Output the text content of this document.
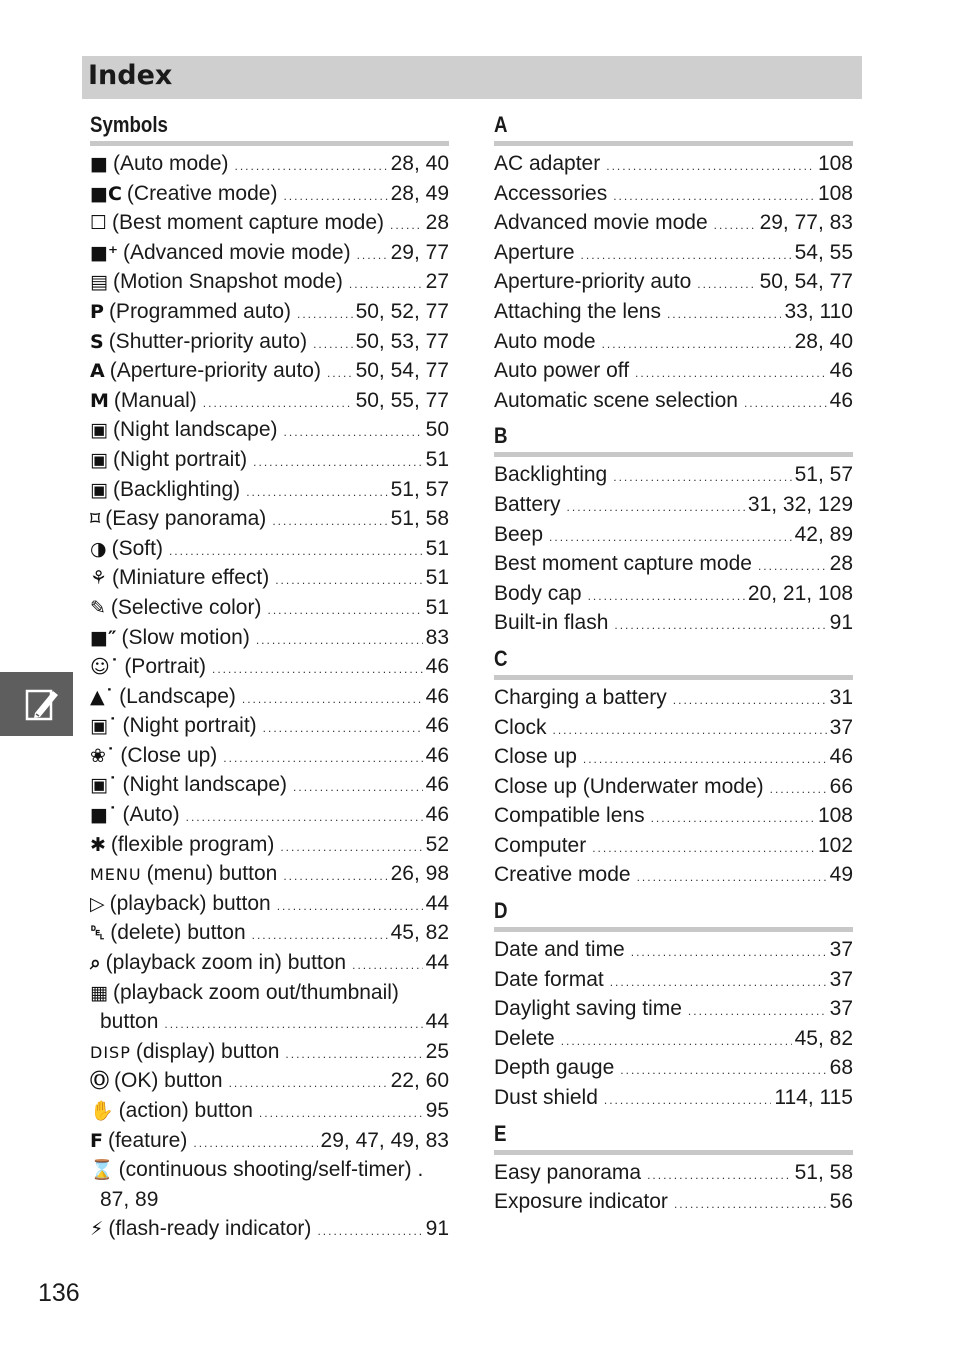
Index
Symbols
■ (Auto mode) .....	28, 40
■C (Creative mode) .....	28, 49
☐ (Best moment capture mode) ..... 28
■⁺ (Advanced movie mode) ..... 29, 77
▤ (Motion Snapshot mode) .....	27
P (Programmed auto) .....	50, 52, 77
S (Shutter-priority auto) ..... 50, 53, 77
A (Aperture-priority auto) ..... 50, 54, 77
M (Manual) .....	50, 55, 77
▣ (Night landscape) .....	50
▣ (Night portrait) .....	51
▣ (Backlighting) .....	51, 57
⌑ (Easy panorama) .....	51, 58
◑ (Soft) .....	51
⚘ (Miniature effect) .....	51
✎ (Selective color) .....	51
■″ (Slow motion) .....	83
☺˙ (Portrait) .....	46
▲˙ (Landscape) .....	46
▣˙ (Night portrait) .....	46
❀˙ (Close up) .....	46
▣˙ (Night landscape) .....	46
■˙ (Auto) .....	46
✱ (flexible program) .....	52
MENU (menu) button .....	26, 98
▷ (playback) button .....	44
␡ (delete) button .....	45, 82
⌕ (playback zoom in) button .....	44
▦ (playback zoom out/thumbnail)
button .....	44
DISP (display) button .....	25
Ⓞ (OK) button .....	22, 60
✋ (action) button .....	95
F (feature) .....	29, 47, 49, 83
⌛ (continuous shooting/self-timer) .
87, 89
⚡ (flash-ready indicator) .....	91
A
AC adapter .....	108
Accessories .....	108
Advanced movie mode ..... 29, 77, 83
Aperture .....	54, 55
Aperture-priority auto .....	50, 54, 77
Attaching the lens .....	33, 110
Auto mode .....	28, 40
Auto power off .....	46
Automatic scene selection .....	46
B
Backlighting .....	51, 57
Battery .....	31, 32, 129
Beep .....	42, 89
Best moment capture mode .....	28
Body cap .....	20, 21, 108
Built-in flash .....	91
C
Charging a battery .....	31
Clock .....	37
Close up .....	46
Close up (Underwater mode) .....	66
Compatible lens .....	108
Computer .....	102
Creative mode .....	49
D
Date and time .....	37
Date format .....	37
Daylight saving time .....	37
Delete .....	45, 82
Depth gauge .....	68
Dust shield .....	114, 115
E
Easy panorama .....	51, 58
Exposure indicator .....	56
136
